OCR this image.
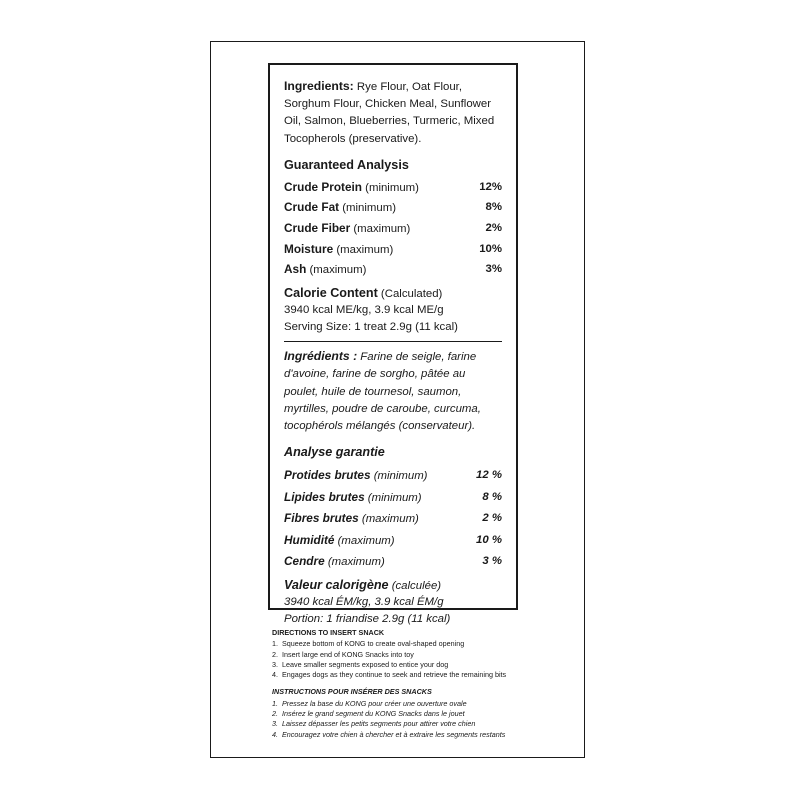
Ingredients: Rye Flour, Oat Flour, Sorghum Flour, Chicken Meal, Sunflower Oil, Salmon, Blueberries, Turmeric, Mixed Tocopherols (preservative).

Guaranteed Analysis
Crude Protein (minimum)	12%
Crude Fat (minimum)	8%
Crude Fiber (maximum)	2%
Moisture (maximum)	10%
Ash (maximum)	3%
Calorie Content (Calculated)
3940 kcal ME/kg, 3.9 kcal ME/g
Serving Size: 1 treat 2.9g (11 kcal)

Ingrédients : Farine de seigle, farine d'avoine, farine de sorgho, pâtée au poulet, huile de tournesol, saumon, myrtilles, poudre de caroube, curcuma, tocophérols mélangés (conservateur).

Analyse garantie
Protides brutes (minimum)	12 %
Lipides brutes (minimum)	8 %
Fibres brutes (maximum)	2 %
Humidité (maximum)	10 %
Cendre (maximum)	3 %
Valeur calorigène (calculée)
3940 kcal ÉM/kg, 3.9 kcal ÉM/g
Portion: 1 friandise 2.9g (11 kcal)
DIRECTIONS TO INSERT SNACK
1. Squeeze bottom of KONG to create oval-shaped opening
2. Insert large end of KONG Snacks into toy
3. Leave smaller segments exposed to entice your dog
4. Engages dogs as they continue to seek and retrieve the remaining bits
INSTRUCTIONS POUR INSÉRER DES SNACKS
1. Pressez la base du KONG pour créer une ouverture ovale
2. Insérez le grand segment du KONG Snacks dans le jouet
3. Laissez dépasser les petits segments pour attirer votre chien
4. Encouragez votre chien à chercher et à extraire les segments restants
